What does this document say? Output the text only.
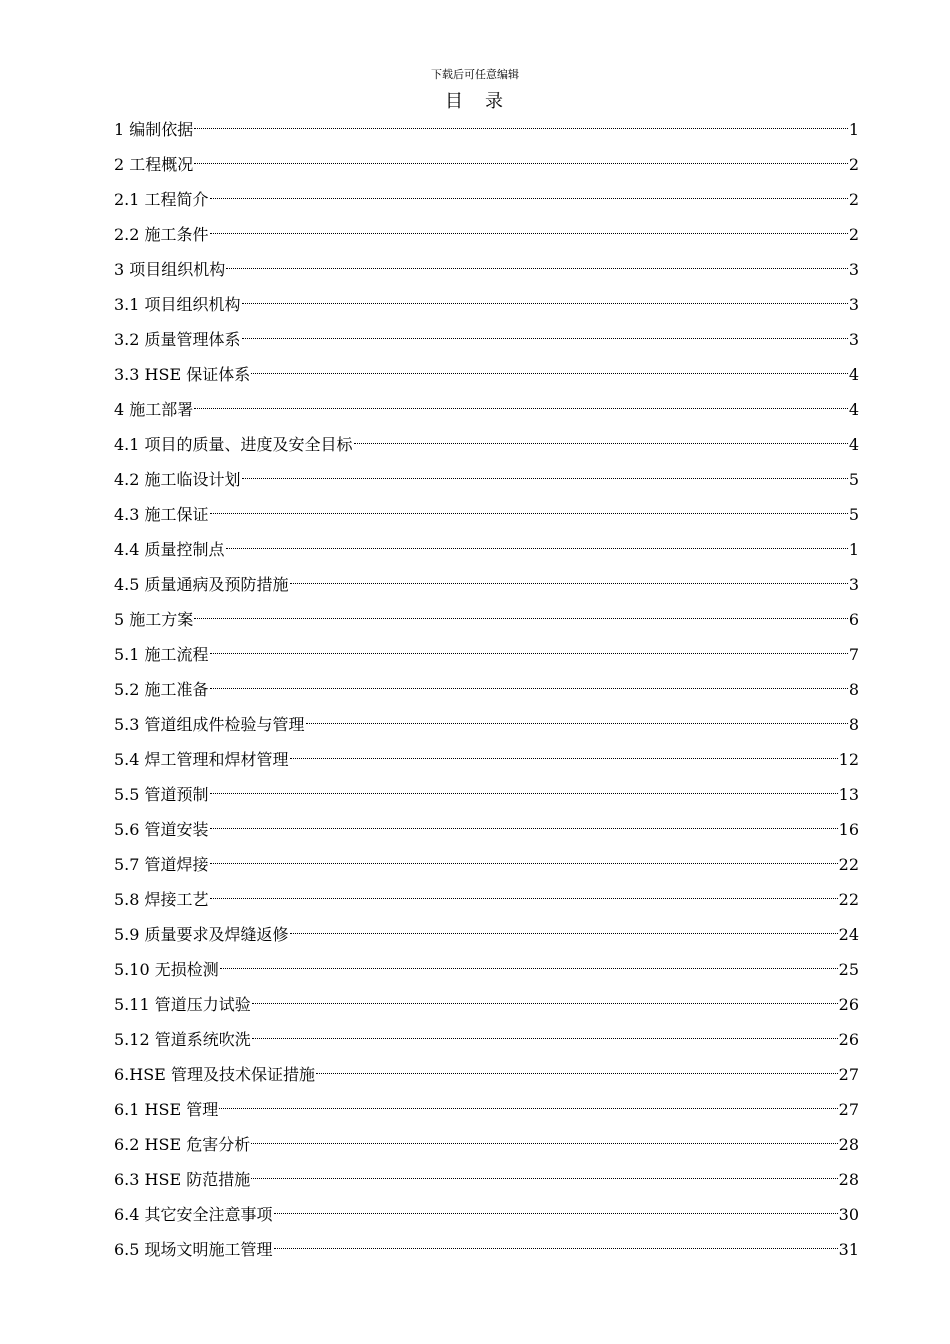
下载后可任意编辑
目　录
1 编制依据	1
2 工程概况	2
2.1 工程简介	2
2.2 施工条件	2
3 项目组织机构	3
3.1 项目组织机构	3
3.2 质量管理体系	3
3.3 HSE 保证体系	4
4 施工部署	4
4.1 项目的质量、进度及安全目标	4
4.2 施工临设计划	5
4.3 施工保证	5
4.4 质量控制点	1
4.5 质量通病及预防措施	3
5 施工方案	6
5.1 施工流程	7
5.2 施工准备	8
5.3 管道组成件检验与管理	8
5.4 焊工管理和焊材管理	12
5.5 管道预制	13
5.6 管道安装	16
5.7 管道焊接	22
5.8 焊接工艺	22
5.9 质量要求及焊缝返修	24
5.10 无损检测	25
5.11 管道压力试验	26
5.12 管道系统吹洗	26
6.HSE 管理及技术保证措施	27
6.1 HSE 管理	27
6.2 HSE 危害分析	28
6.3 HSE 防范措施	28
6.4 其它安全注意事项	30
6.5 现场文明施工管理	31
